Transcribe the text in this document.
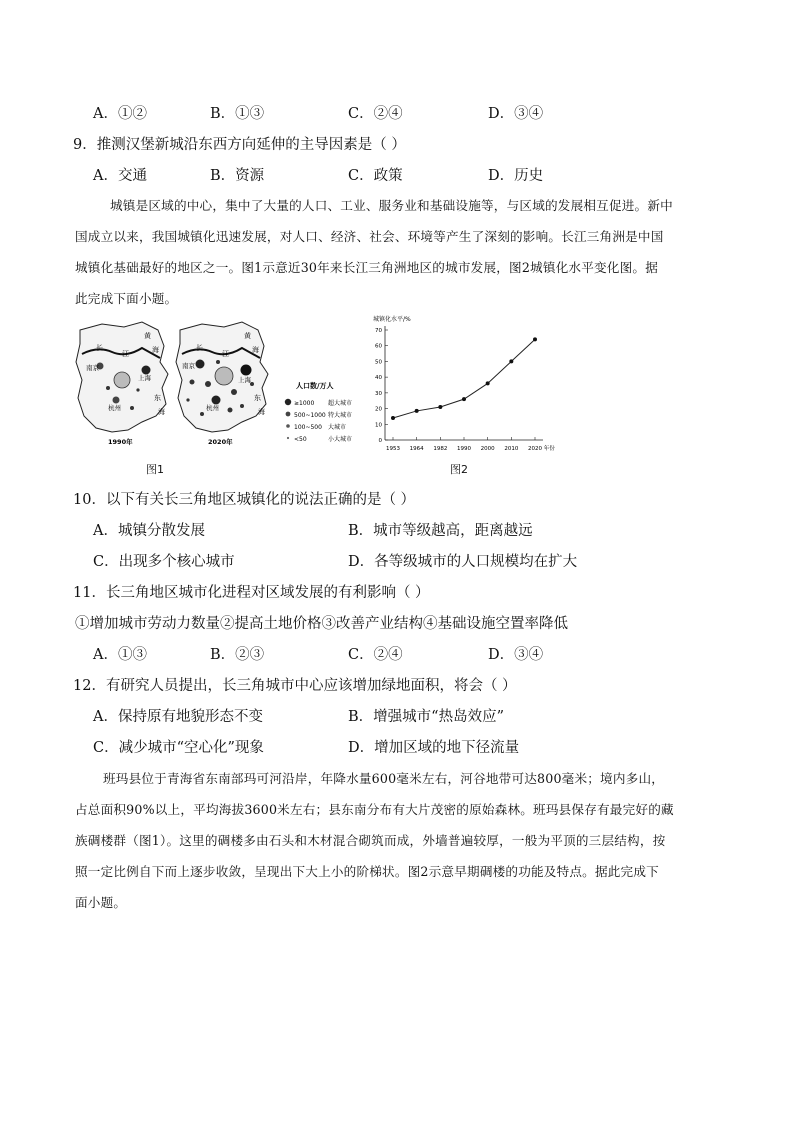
A．①②	B．①③	C．②④	D．③④
9．推测汉堡新城沿东西方向延伸的主导因素是（ ）
A．交通	B．资源	C．政策	D．历史

城镇是区域的中心，集中了大量的人口、工业、服务业和基础设施等，与区域的发展相互促进。新中

国成立以来，我国城镇化迅速发展，对人口、经济、社会、环境等产生了深刻的影响。长江三角洲是中国

城镇化基础最好的地区之一。图1示意近30年来长江三角洲地区的城市发展，图2城镇化水平变化图。据

此完成下面小题。

长
江
黄
海
南京
上海
杭州
东
海
1990年
长
江
黄
海
南京
上海
杭州
东
海
2020年
人口数/万人
≥1000 超大城市
500~1000 特大城市
100~500 大城市
<50	小大城市
图1
城镇化水平/%
0
10
20
30
40
50
60
70
1953 1964 1982 1990 2000 2010 2020 年份
图2
10．以下有关长三角地区城镇化的说法正确的是（ ）
A．城镇分散发展	B．城市等级越高，距离越远
C．出现多个核心城市	D．各等级城市的人口规模均在扩大
11．长三角地区城市化进程对区域发展的有利影响（ ）
①增加城市劳动力数量②提高土地价格③改善产业结构④基础设施空置率降低
A．①③	B．②③	C．②④	D．③④
12．有研究人员提出，长三角城市中心应该增加绿地面积，将会（ ）
A．保持原有地貌形态不变	B．增强城市“热岛效应”
C．减少城市“空心化”现象	D．增加区域的地下径流量

班玛县位于青海省东南部玛可河沿岸，年降水量600毫米左右，河谷地带可达800毫米；境内多山，

占总面积90%以上，平均海拔3600米左右；县东南分布有大片茂密的原始森林。班玛县保存有最完好的藏

族碉楼群（图1）。这里的碉楼多由石头和木材混合砌筑而成，外墙普遍较厚，一般为平顶的三层结构，按

照一定比例自下而上逐步收敛，呈现出下大上小的阶梯状。图2示意早期碉楼的功能及特点。据此完成下

面小题。
